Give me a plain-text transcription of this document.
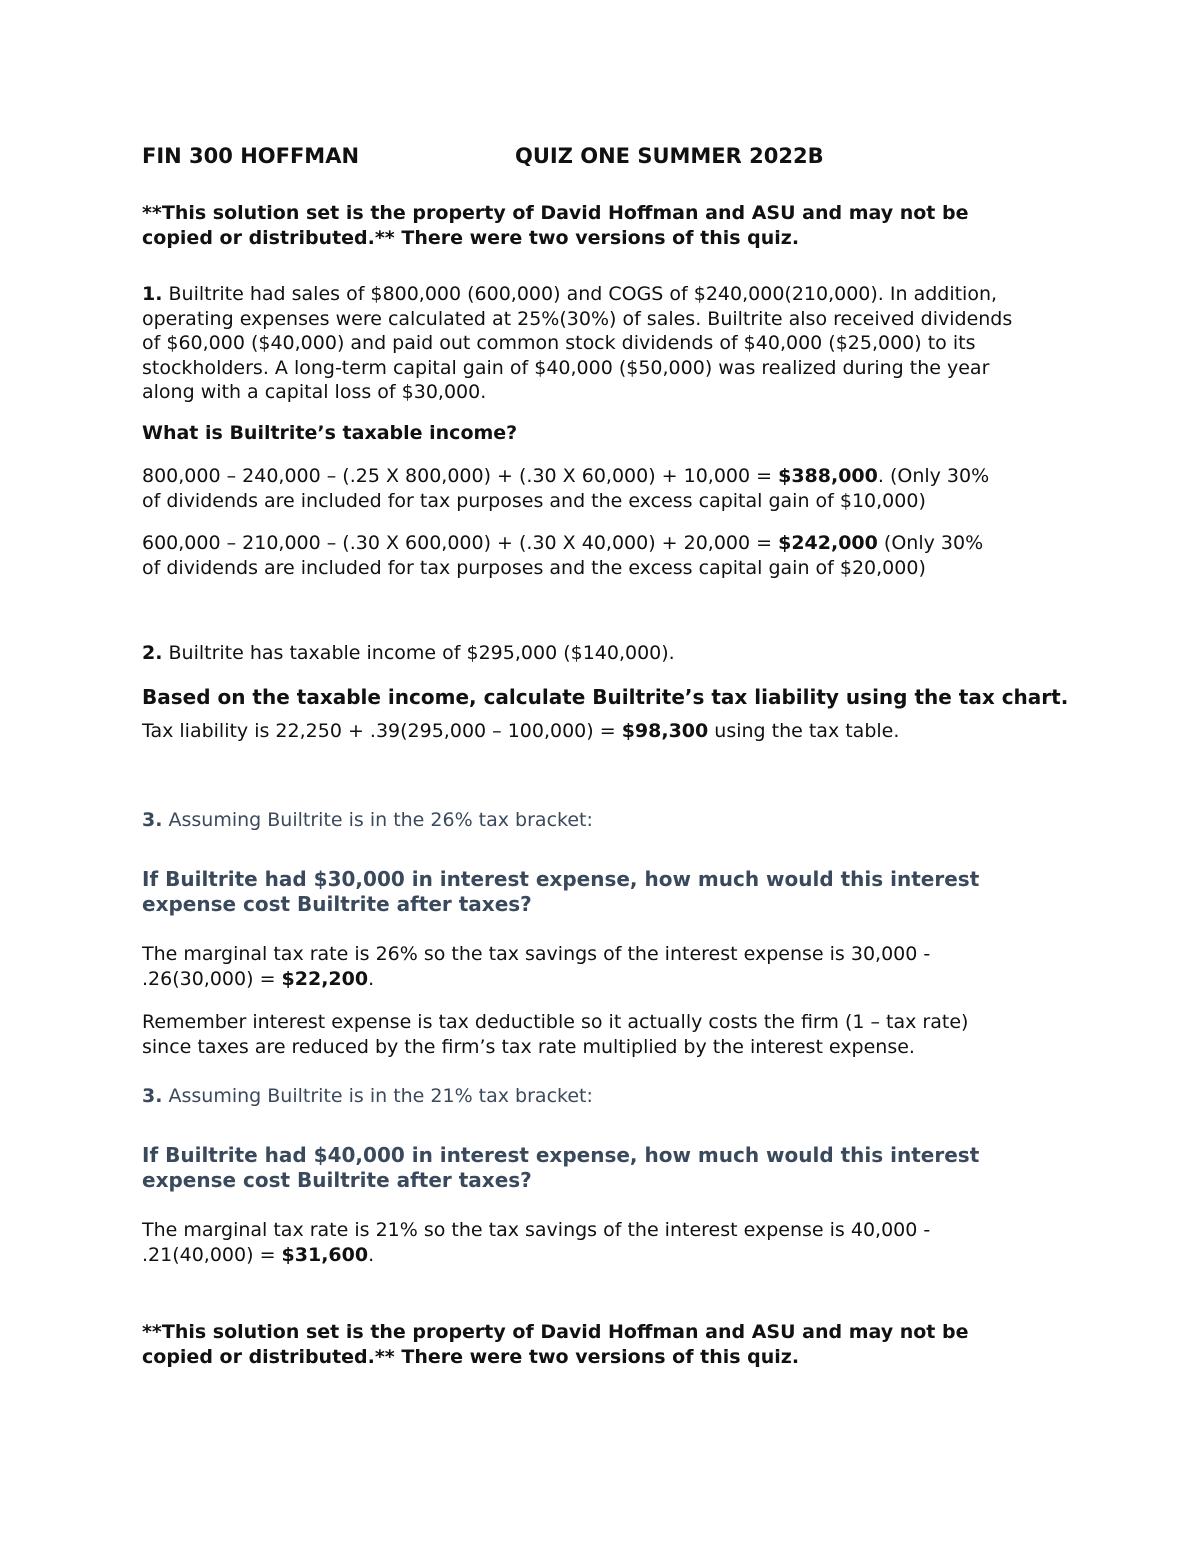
FIN 300 HOFFMAN	QUIZ ONE SUMMER 2022B
**This solution set is the property of David Hoffman and ASU and may not be
copied or distributed.** There were two versions of this quiz.
1. Builtrite had sales of $800,000 (600,000) and COGS of $240,000(210,000). In addition,
operating expenses were calculated at 25%(30%) of sales. Builtrite also received dividends
of $60,000 ($40,000) and paid out common stock dividends of $40,000 ($25,000) to its
stockholders. A long-term capital gain of $40,000 ($50,000) was realized during the year
along with a capital loss of $30,000.
What is Builtrite’s taxable income?
800,000 – 240,000 – (.25 X 800,000) + (.30 X 60,000) + 10,000 = $388,000. (Only 30%
of dividends are included for tax purposes and the excess capital gain of $10,000)
600,000 – 210,000 – (.30 X 600,000) + (.30 X 40,000) + 20,000 = $242,000 (Only 30%
of dividends are included for tax purposes and the excess capital gain of $20,000)
2. Builtrite has taxable income of $295,000 ($140,000).
Based on the taxable income, calculate Builtrite’s tax liability using the tax chart.
Tax liability is 22,250 + .39(295,000 – 100,000) = $98,300 using the tax table.
3. Assuming Builtrite is in the 26% tax bracket:
If Builtrite had $30,000 in interest expense, how much would this interest
expense cost Builtrite after taxes?
The marginal tax rate is 26% so the tax savings of the interest expense is 30,000 -
.26(30,000) = $22,200.
Remember interest expense is tax deductible so it actually costs the firm (1 – tax rate)
since taxes are reduced by the firm’s tax rate multiplied by the interest expense.
3. Assuming Builtrite is in the 21% tax bracket:
If Builtrite had $40,000 in interest expense, how much would this interest
expense cost Builtrite after taxes?
The marginal tax rate is 21% so the tax savings of the interest expense is 40,000 -
.21(40,000) = $31,600.
**This solution set is the property of David Hoffman and ASU and may not be
copied or distributed.** There were two versions of this quiz.
